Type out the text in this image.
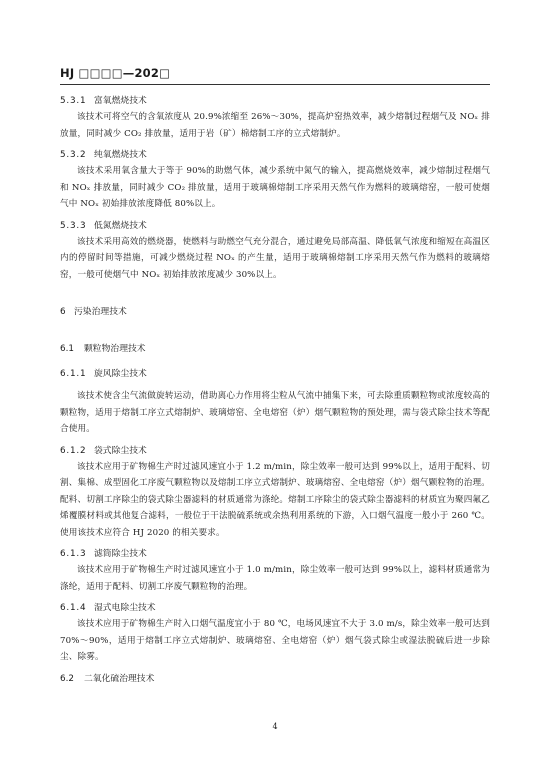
HJ □□□□—202□
5.3.1 富氧燃烧技术

该技术可将空气的含氧浓度从 20.9%浓缩至 26%～30%，提高炉窑热效率，减少熔制过程烟气及 NOₓ 排放量，同时减少 CO₂ 排放量，适用于岩（矿）棉熔制工序的立式熔制炉。

5.3.2 纯氧燃烧技术

该技术采用氧含量大于等于 90%的助燃气体，减少系统中氮气的输入，提高燃烧效率，减少熔制过程烟气和 NOₓ 排放量，同时减少 CO₂ 排放量，适用于玻璃棉熔制工序采用天然气作为燃料的玻璃熔窑，一般可使烟气中 NOₓ 初始排放浓度降低 80%以上。

5.3.3 低氮燃烧技术

该技术采用高效的燃烧器，使燃料与助燃空气充分混合，通过避免局部高温、降低氧气浓度和缩短在高温区内的停留时间等措施，可减少燃烧过程 NOₓ 的产生量，适用于玻璃棉熔制工序采用天然气作为燃料的玻璃熔窑，一般可使烟气中 NOₓ 初始排放浓度减少 30%以上。

6 污染治理技术
6.1 颗粒物治理技术
6.1.1 旋风除尘技术

该技术使含尘气流做旋转运动，借助离心力作用将尘粒从气流中捕集下来，可去除重质颗粒物或浓度较高的颗粒物，适用于熔制工序立式熔制炉、玻璃熔窑、全电熔窑（炉）烟气颗粒物的预处理，需与袋式除尘技术等配合使用。

6.1.2 袋式除尘技术

该技术应用于矿物棉生产时过滤风速宜小于 1.2 m/min，除尘效率一般可达到 99%以上，适用于配料、切割、集棉、成型固化工序废气颗粒物以及熔制工序立式熔制炉、玻璃熔窑、全电熔窑（炉）烟气颗粒物的治理。配料、切割工序除尘的袋式除尘器滤料的材质通常为涤纶。熔制工序除尘的袋式除尘器滤料的材质宜为聚四氟乙烯覆膜材料或其他复合滤料，一般位于干法脱硫系统或余热利用系统的下游，入口烟气温度一般小于 260 ℃。使用该技术应符合 HJ 2020 的相关要求。

6.1.3 滤筒除尘技术

该技术应用于矿物棉生产时过滤风速宜小于 1.0 m/min，除尘效率一般可达到 99%以上，滤料材质通常为涤纶，适用于配料、切割工序废气颗粒物的治理。

6.1.4 湿式电除尘技术

该技术应用于矿物棉生产时入口烟气温度宜小于 80 ℃，电场风速宜不大于 3.0 m/s，除尘效率一般可达到 70%～90%，适用于熔制工序立式熔制炉、玻璃熔窑、全电熔窑（炉）烟气袋式除尘或湿法脱硫后进一步除尘、除雾。

6.2 二氧化硫治理技术
4
